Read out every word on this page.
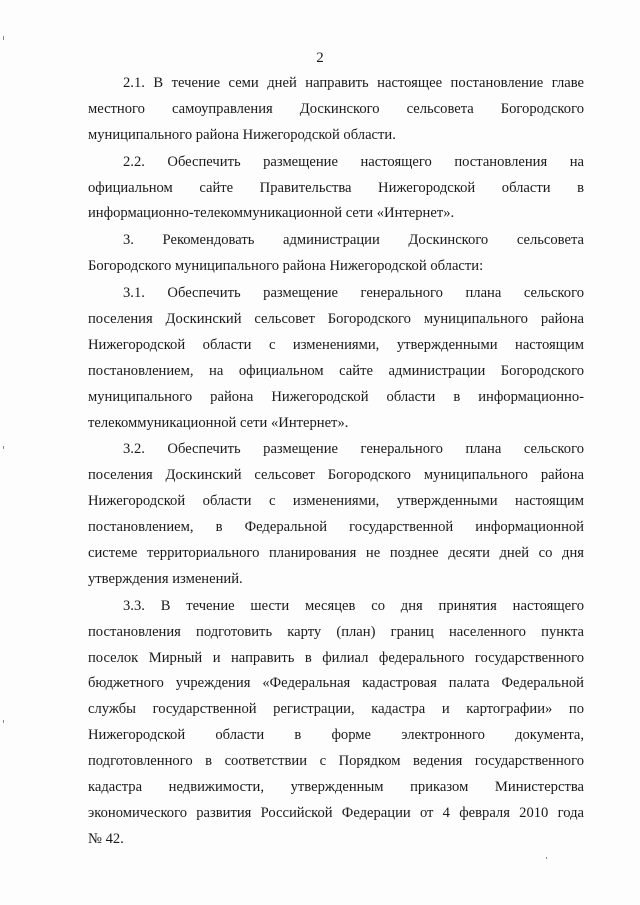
2
2.1. В течение семи дней направить настоящее постановление главе
местного самоуправления Доскинского сельсовета Богородского
муниципального района Нижегородской области.
2.2. Обеспечить размещение настоящего постановления на
официальном сайте Правительства Нижегородской области в
информационно-телекоммуникационной сети «Интернет».
3. Рекомендовать администрации Доскинского сельсовета
Богородского муниципального района Нижегородской области:
3.1. Обеспечить размещение генерального плана сельского
поселения Доскинский сельсовет Богородского муниципального района
Нижегородской области с изменениями, утвержденными настоящим
постановлением, на официальном сайте администрации Богородского
муниципального района Нижегородской области в информационно-
телекоммуникационной сети «Интернет».
3.2. Обеспечить размещение генерального плана сельского
поселения Доскинский сельсовет Богородского муниципального района
Нижегородской области с изменениями, утвержденными настоящим
постановлением, в Федеральной государственной информационной
системе территориального планирования не позднее десяти дней со дня
утверждения изменений.
3.3. В течение шести месяцев со дня принятия настоящего
постановления подготовить карту (план) границ населенного пункта
поселок Мирный и направить в филиал федерального государственного
бюджетного учреждения «Федеральная кадастровая палата Федеральной
службы государственной регистрации, кадастра и картографии» по
Нижегородской области в форме электронного документа,
подготовленного в соответствии с Порядком ведения государственного
кадастра недвижимости, утвержденным приказом Министерства
экономического развития Российской Федерации от 4 февраля 2010 года
№ 42.
